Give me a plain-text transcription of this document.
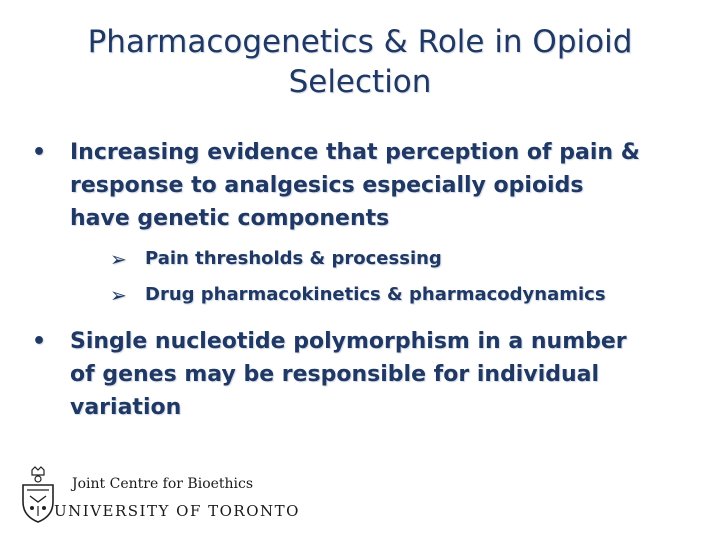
Pharmacogenetics & Role in Opioid
Selection
• Increasing evidence that perception of pain &
response to analgesics especially opioids
have genetic components
➢ Pain thresholds & processing
➢ Drug pharmacokinetics & pharmacodynamics
• Single nucleotide polymorphism in a number
of genes may be responsible for individual
variation
Joint Centre for Bioethics
UNIVERSITY OF TORONTO
